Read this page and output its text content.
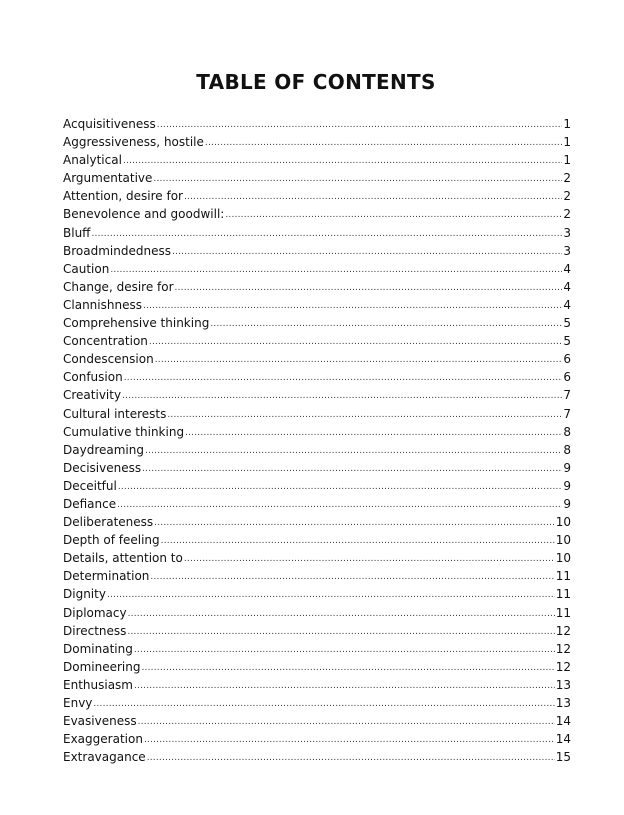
TABLE OF CONTENTS
Acquisitiveness .....	1
Aggressiveness, hostile .....	1
Analytical .....	1
Argumentative .....	2
Attention, desire for .....	2
Benevolence and goodwill: .....	2
Bluff .....	3
Broadmindedness .....	3
Caution .....	4
Change, desire for .....	4
Clannishness .....	4
Comprehensive thinking .....	5
Concentration .....	5
Condescension .....	6
Confusion .....	6
Creativity .....	7
Cultural interests .....	7
Cumulative thinking .....	8
Daydreaming .....	8
Decisiveness .....	9
Deceitful .....	9
Defiance .....	9
Deliberateness .....	10
Depth of feeling .....	10
Details, attention to .....	10
Determination .....	11
Dignity .....	11
Diplomacy .....	11
Directness .....	12
Dominating .....	12
Domineering .....	12
Enthusiasm .....	13
Envy .....	13
Evasiveness .....	14
Exaggeration .....	14
Extravagance .....	15
